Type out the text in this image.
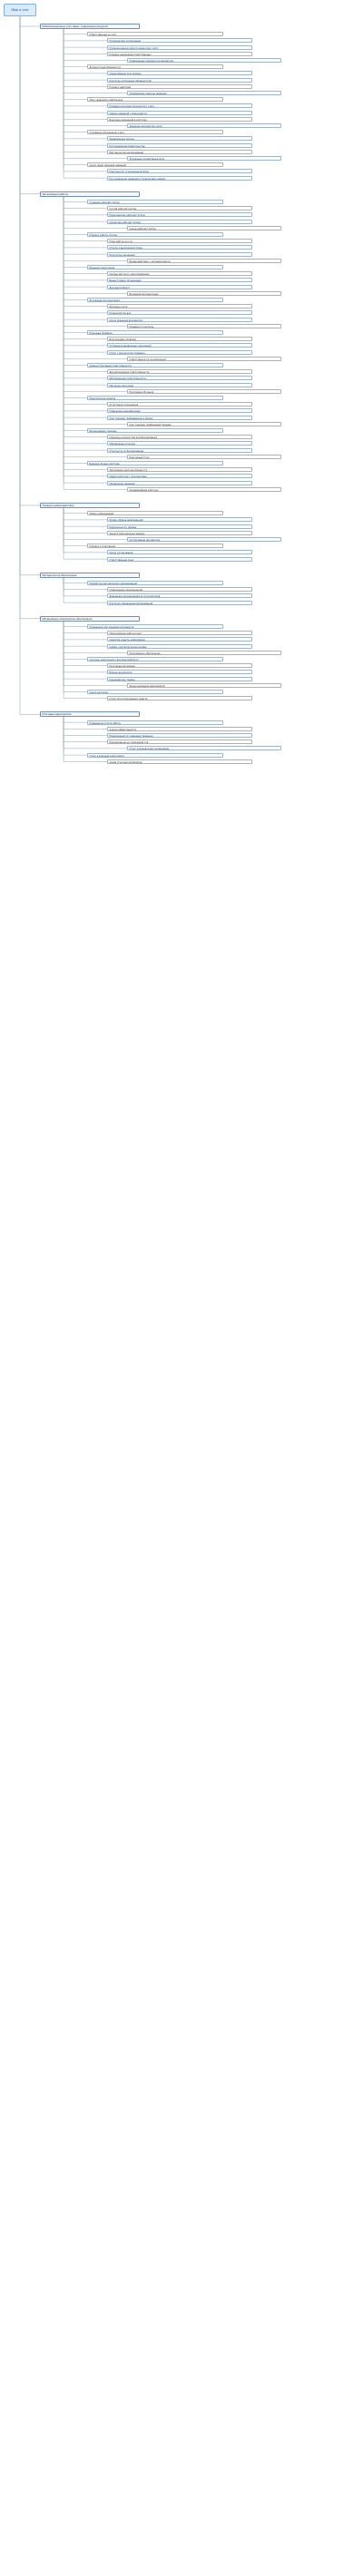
Сбор и учет
Мобилизационные учет меры, снаряжение ресурсов
Ответственные за учет
Руководитель организации
Уполномоченное лицо по воинскому учету
Порядок назначения ответственных
Утверждение приказом руководителя
Должностные обязанности
Ознакомление под подпись
Контроль исполнения обязанностей
Порядок действий
Определение перечня сведений
Сбор сведений о работниках
Проверка документов воинского учета
Сверка сведений с военкоматом
Внесение изменений в карточки
Хранение документов учета
Основания для ведения учета
Федеральные законы
Постановления правительства
Методические рекомендации
Локальные нормативные акты
Сроки представления сведений
Ежегодно до установленной даты
При изменении сведений в течение двух недель
Организация работы
Создание рабочей группы
Состав рабочей группы
Председатель рабочей группы
Секретарь рабочей группы
Члены рабочей группы
Порядок работы группы
План работы на год
Отчеты о выполнении плана
Протоколы заседаний
Взаимодействие с органами власти
Военный комиссариат
Органы местного самоуправления
Вышестоящие организации
Документооборот
Входящая документация
Исходящая документация
Журналы учета
Номенклатура дел
Сроки хранения документов
Проверки и контроль
Плановые проверки
Внеплановые проверки
Устранение выявленных нарушений
Отчет о результатах проверки
Ответственность за нарушения
Административная ответственность
Дисциплинарная ответственность
Материальная ответственность
Обучение персонала
Программа обучения
Практические занятия
Аттестация сотрудников
Повышение квалификации
Учет граждан пребывающих в запасе
Учет граждан подлежащих призыву
Бронирование граждан
Перечень должностей для бронирования
Оформление отсрочки
Отчетность по бронированию
Ежегодный отчет
Ведение личных карточек
Заполнение карточек формы Т-2
Сверка карточек с документами
Обновление сведений
Архивирование карточек
Порядок взаимодействия
Обмен информацией
Формы обмена информацией
Периодичность обмена
Защита персональных данных
Согласование документов
Порядок согласования
Сроки согласования
Ответственные лица
Методическое обеспечение
Разработка методических рекомендаций
Утверждение рекомендаций
Доведение рекомендаций до исполнителей
Контроль применения рекомендаций
Материально-техническое обеспечение
Помещения для хранения документов
Оборудование рабочих мест
Средства защиты информации
Сейфы и металлические шкафы
Программное обеспечение
Системы электронного документооборота
Расходные материалы
Бланки документов
Канцелярские товары
Финансирование мероприятий
Смета расходов
Отчет об использовании средств
Итоговые мероприятия
Подведение итогов работы
Анализ эффективности
Предложения по совершенствованию
Планирование на следующий год
Отчет руководителю организации
Отчет в военный комиссариат
Архив отчетных материалов
